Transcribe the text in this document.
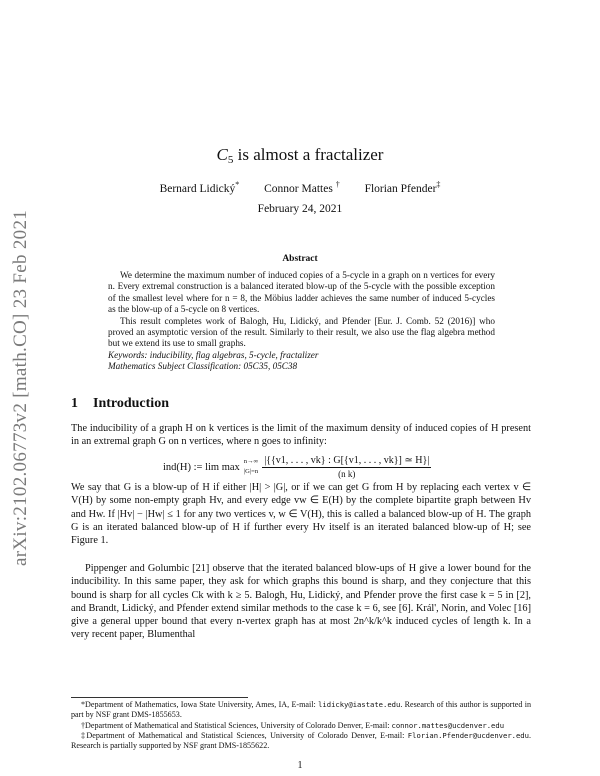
arXiv:2102.06773v2 [math.CO] 23 Feb 2021
$C_5$ is almost a fractalizer
Bernard Lidický* Connor Mattes † Florian Pfender‡
February 24, 2021
Abstract

We determine the maximum number of induced copies of a 5-cycle in a graph on n vertices for every n. Every extremal construction is a balanced iterated blow-up of the 5-cycle with the possible exception of the smallest level where for n = 8, the Möbius ladder achieves the same number of induced 5-cycles as the blow-up of a 5-cycle on 8 vertices.

This result completes work of Balogh, Hu, Lidický, and Pfender [Eur. J. Comb. 52 (2016)] who proved an asymptotic version of the result. Similarly to their result, we also use the flag algebra method but we extend its use to small graphs.

Keywords: inducibility, flag algebras, 5-cycle, fractalizer

Mathematics Subject Classification: 05C35, 05C38

1 Introduction

The inducibility of a graph H on k vertices is the limit of the maximum density of induced copies of H present in an extremal graph G on n vertices, where n goes to infinity:

ind(H) := lim max n→∞
$|G|=n \frac{|\{\{v1, . . . , vk\} : G[\{v1, . . . , vk\}] ≃ H\}|}{\text{(n k)}}$

We say that G is a blow-up of H if either |H| > |G|, or if we can get G from H by replacing each vertex v ∈ V(H) by some non-empty graph Hv, and every edge vw ∈ E(H) by the complete bipartite graph between Hv and Hw. If |Hv| − |Hw| ≤ 1 for any two vertices v, w ∈ V(H), this is called a balanced blow-up of H. The graph G is an iterated balanced blow-up of H if further every Hv itself is an iterated balanced blow-up of H; see Figure 1.

Pippenger and Golumbic [21] observe that the iterated balanced blow-ups of H give a lower bound for the inducibility. In this same paper, they ask for which graphs this bound is sharp, and they conjecture that this bound is sharp for all cycles Ck with k ≥ 5. Balogh, Hu, Lidický, and Pfender prove the first case k = 5 in [2], and Brandt, Lidický, and Pfender extend similar methods to the case k = 6, see [6]. Král', Norin, and Volec [16] give a general upper bound that every n-vertex graph has at most 2n^k/k^k induced cycles of length k. In a very recent paper, Blumenthal

*Department of Mathematics, Iowa State University, Ames, IA, E-mail: lidicky@iastate.edu. Research of this author is supported in part by NSF grant DMS-1855653.

†Department of Mathematical and Statistical Sciences, University of Colorado Denver, E-mail: connor.mattes@ucdenver.edu

‡Department of Mathematical and Statistical Sciences, University of Colorado Denver, E-mail: Florian.Pfender@ucdenver.edu. Research is partially supported by NSF grant DMS-1855622.

1
